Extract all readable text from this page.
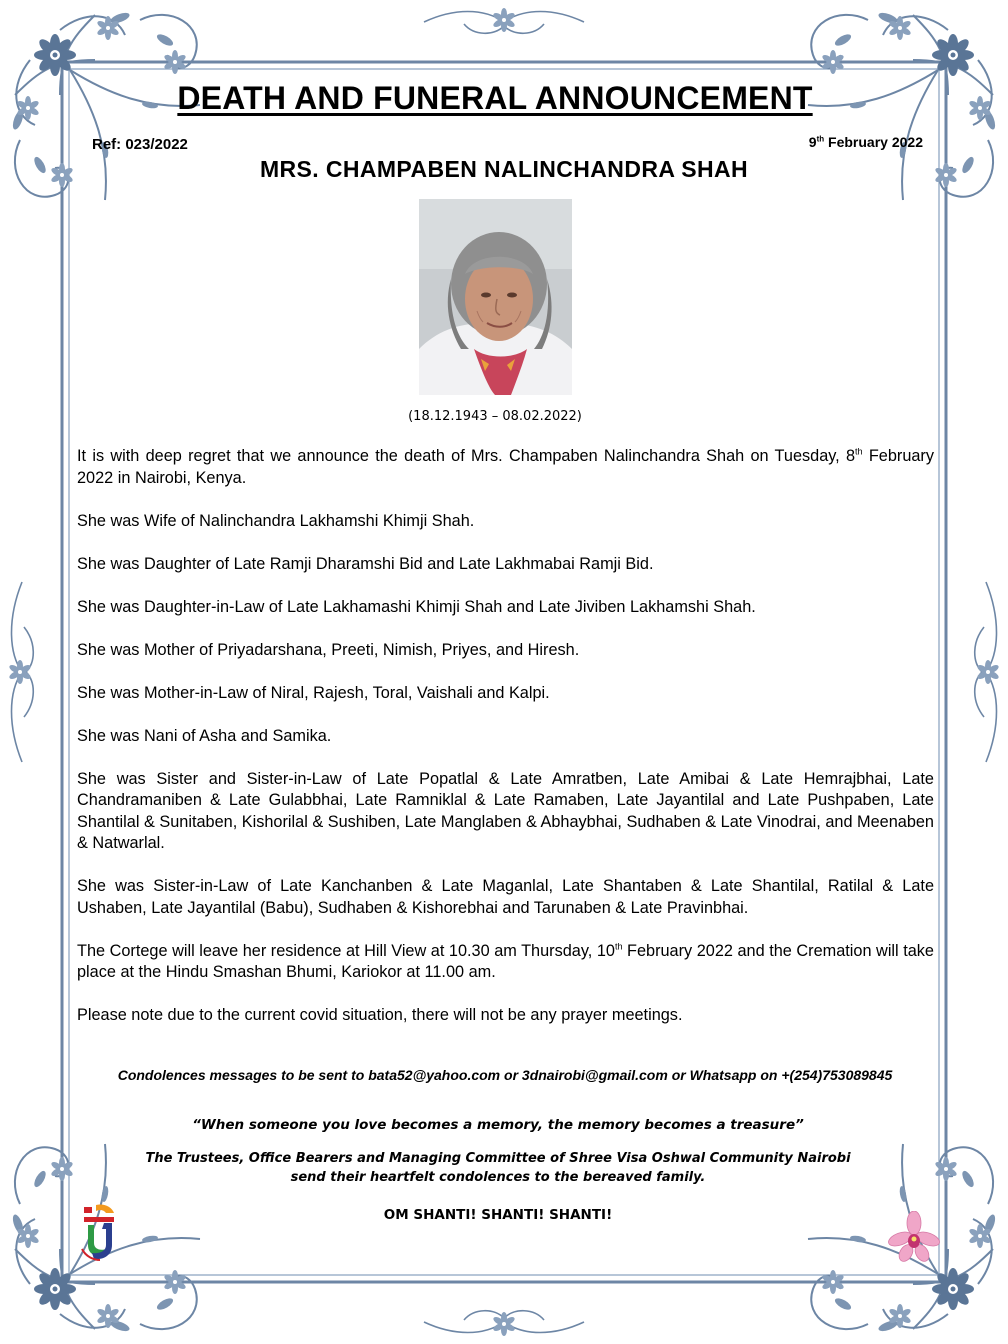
DEATH AND FUNERAL ANNOUNCEMENT
Ref: 023/2022	9th February 2022
MRS. CHAMPABEN NALINCHANDRA SHAH
(18.12.1943 – 08.02.2022)

It is with deep regret that we announce the death of Mrs. Champaben Nalinchandra Shah on Tuesday, 8th February 2022 in Nairobi, Kenya.

She was Wife of Nalinchandra Lakhamshi Khimji Shah.

She was Daughter of Late Ramji Dharamshi Bid and Late Lakhmabai Ramji Bid.

She was Daughter-in-Law of Late Lakhamashi Khimji Shah and Late Jiviben Lakhamshi Shah.

She was Mother of Priyadarshana, Preeti, Nimish, Priyes, and Hiresh.

She was Mother-in-Law of Niral, Rajesh, Toral, Vaishali and Kalpi.

She was Nani of Asha and Samika.

She was Sister and Sister-in-Law of Late Popatlal & Late Amratben, Late Amibai & Late Hemrajbhai, Late Chandramaniben & Late Gulabbhai, Late Ramniklal & Late Ramaben, Late Jayantilal and Late Pushpaben, Late Shantilal & Sunitaben, Kishorilal & Sushiben, Late Manglaben & Abhaybhai, Sudhaben & Late Vinodrai, and Meenaben & Natwarlal.

She was Sister-in-Law of Late Kanchanben & Late Maganlal, Late Shantaben & Late Shantilal, Ratilal & Late Ushaben, Late Jayantilal (Babu), Sudhaben & Kishorebhai and Tarunaben & Late Pravinbhai.

The Cortege will leave her residence at Hill View at 10.30 am Thursday, 10th February 2022 and the Cremation will take place at the Hindu Smashan Bhumi, Kariokor at 11.00 am.

Please note due to the current covid situation, there will not be any prayer meetings.

Condolences messages to be sent to bata52@yahoo.com or 3dnairobi@gmail.com or Whatsapp on +(254)753089845
“When someone you love becomes a memory, the memory becomes a treasure”
The Trustees, Office Bearers and Managing Committee of Shree Visa Oshwal Community Nairobi
send their heartfelt condolences to the bereaved family.
OM SHANTI! SHANTI! SHANTI!
